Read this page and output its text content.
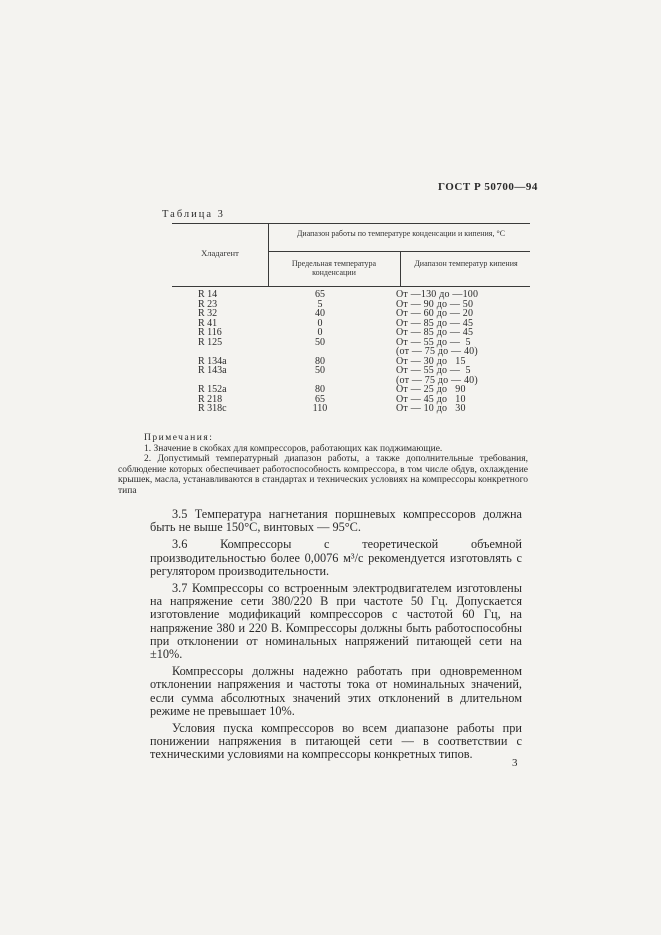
ГОСТ Р 50700—94
Таблица 3
Хладагент
Диапазон работы по температуре конденсации и кипения, °С
Предельная температура конденсации
Диапазон температур кипения
R 14	65	От —130 до —100
R 23	5	От — 90 до — 50
R 32	40	От — 60 до — 20
R 41	0	От — 85 до — 45
R 116	0	От — 85 до — 45
R 125	50	От — 55 до —  5
(от — 75 до — 40)
R 134a	80	От — 30 до   15
R 143a	50	От — 55 до —  5
(от — 75 до — 40)
R 152a	80	От — 25 до   90
R 218	65	От — 45 до   10
R 318c	110	От — 10 до   30
Примечания:

1. Значение в скобках для компрессоров, работающих как поджимающие.

2. Допустимый температурный диапазон работы, а также дополнительные требования, соблюдение которых обеспечивает работоспособность компрессора, в том числе обдув, охлаждение крышек, масла, устанавливаются в стандартах и технических условиях на компрессоры конкретного типа

3.5 Температура нагнетания поршневых компрессоров должна быть не выше 150°С, винтовых — 95°С.

3.6 Компрессоры с теоретической объемной производительностью более 0,0076 м³/с рекомендуется изготовлять с регулятором производительности.

3.7 Компрессоры со встроенным электродвигателем изготовлены на напряжение сети 380/220 В при частоте 50 Гц. Допускается изготовление модификаций компрессоров с частотой 60 Гц, на напряжение 380 и 220 В. Компрессоры должны быть работоспособны при отклонении от номинальных напряжений питающей сети на ±10%.

Компрессоры должны надежно работать при одновременном отклонении напряжения и частоты тока от номинальных значений, если сумма абсолютных значений этих отклонений в длительном режиме не превышает 10%.

Условия пуска компрессоров во всем диапазоне работы при понижении напряжения в питающей сети — в соответствии с техническими условиями на компрессоры конкретных типов.

3
